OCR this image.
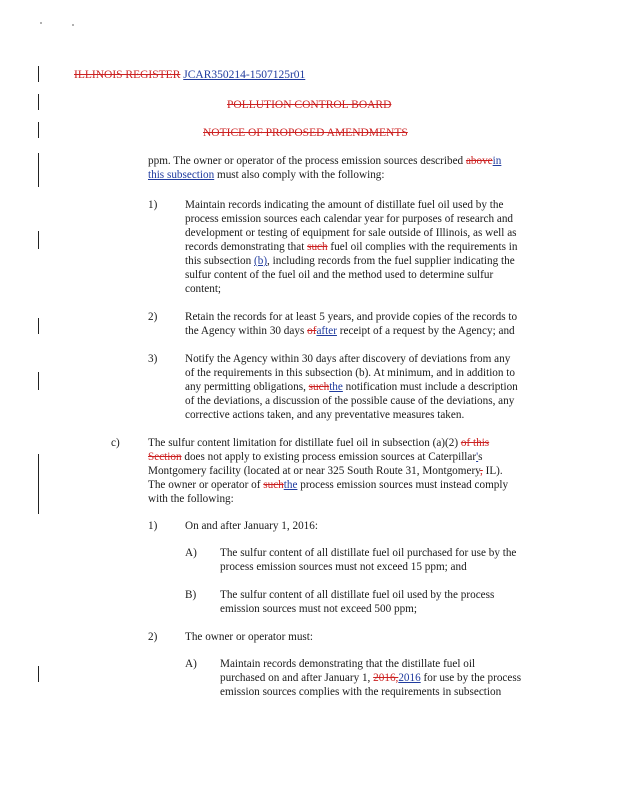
ILLINOIS REGISTER JCAR350214-1507125r01
POLLUTION CONTROL BOARD
NOTICE OF PROPOSED AMENDMENTS
ppm. The owner or operator of the process emission sources described abovein
this subsection must also comply with the following:
1) Maintain records indicating the amount of distillate fuel oil used by the
process emission sources each calendar year for purposes of research and
development or testing of equipment for sale outside of Illinois, as well as
records demonstrating that such fuel oil complies with the requirements in
this subsection (b), including records from the fuel supplier indicating the
sulfur content of the fuel oil and the method used to determine sulfur
content;
2) Retain the records for at least 5 years, and provide copies of the records to
the Agency within 30 days ofafter receipt of a request by the Agency; and
3) Notify the Agency within 30 days after discovery of deviations from any
of the requirements in this subsection (b). At minimum, and in addition to
any permitting obligations, suchthe notification must include a description
of the deviations, a discussion of the possible cause of the deviations, any
corrective actions taken, and any preventative measures taken.
c)	The sulfur content limitation for distillate fuel oil in subsection (a)(2) of this
Section does not apply to existing process emission sources at Caterpillar's
Montgomery facility (located at or near 325 South Route 31, Montgomery, IL).
The owner or operator of suchthe process emission sources must instead comply
with the following:
1) On and after January 1, 2016:
A) The sulfur content of all distillate fuel oil purchased for use by the
process emission sources must not exceed 15 ppm; and
B) The sulfur content of all distillate fuel oil used by the process
emission sources must not exceed 500 ppm;
2) The owner or operator must:
A) Maintain records demonstrating that the distillate fuel oil
purchased on and after January 1, 2016,2016 for use by the process
emission sources complies with the requirements in subsection
